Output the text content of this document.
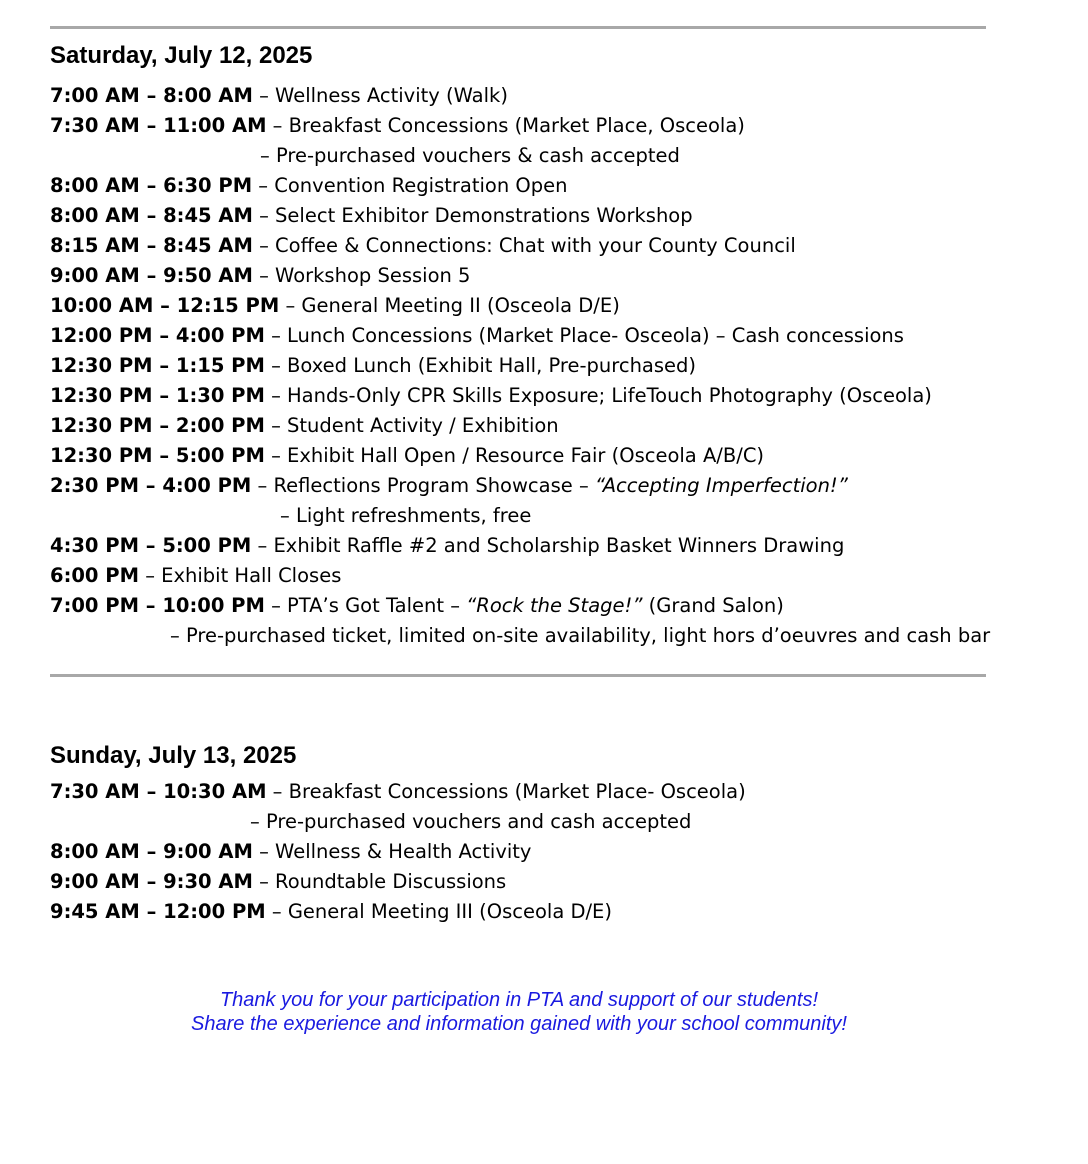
Saturday, July 12, 2025
7:00 AM – 8:00 AM – Wellness Activity (Walk)
7:30 AM – 11:00 AM – Breakfast Concessions (Market Place, Osceola)
– Pre-purchased vouchers & cash accepted
8:00 AM – 6:30 PM – Convention Registration Open
8:00 AM – 8:45 AM – Select Exhibitor Demonstrations Workshop
8:15 AM – 8:45 AM – Coffee & Connections: Chat with your County Council
9:00 AM – 9:50 AM – Workshop Session 5
10:00 AM – 12:15 PM – General Meeting II (Osceola D/E)
12:00 PM – 4:00 PM – Lunch Concessions (Market Place- Osceola) – Cash concessions
12:30 PM – 1:15 PM – Boxed Lunch (Exhibit Hall, Pre-purchased)
12:30 PM – 1:30 PM – Hands-Only CPR Skills Exposure; LifeTouch Photography (Osceola)
12:30 PM – 2:00 PM – Student Activity / Exhibition
12:30 PM – 5:00 PM – Exhibit Hall Open / Resource Fair (Osceola A/B/C)
2:30 PM – 4:00 PM – Reflections Program Showcase – “Accepting Imperfection!”
– Light refreshments, free
4:30 PM – 5:00 PM – Exhibit Raffle #2 and Scholarship Basket Winners Drawing
6:00 PM – Exhibit Hall Closes
7:00 PM – 10:00 PM – PTA’s Got Talent – “Rock the Stage!” (Grand Salon)
– Pre-purchased ticket, limited on-site availability, light hors d’oeuvres and cash bar
Sunday, July 13, 2025
7:30 AM – 10:30 AM – Breakfast Concessions (Market Place- Osceola)
– Pre-purchased vouchers and cash accepted
8:00 AM – 9:00 AM – Wellness & Health Activity
9:00 AM – 9:30 AM – Roundtable Discussions
9:45 AM – 12:00 PM – General Meeting III (Osceola D/E)
Thank you for your participation in PTA and support of our students!
Share the experience and information gained with your school community!
